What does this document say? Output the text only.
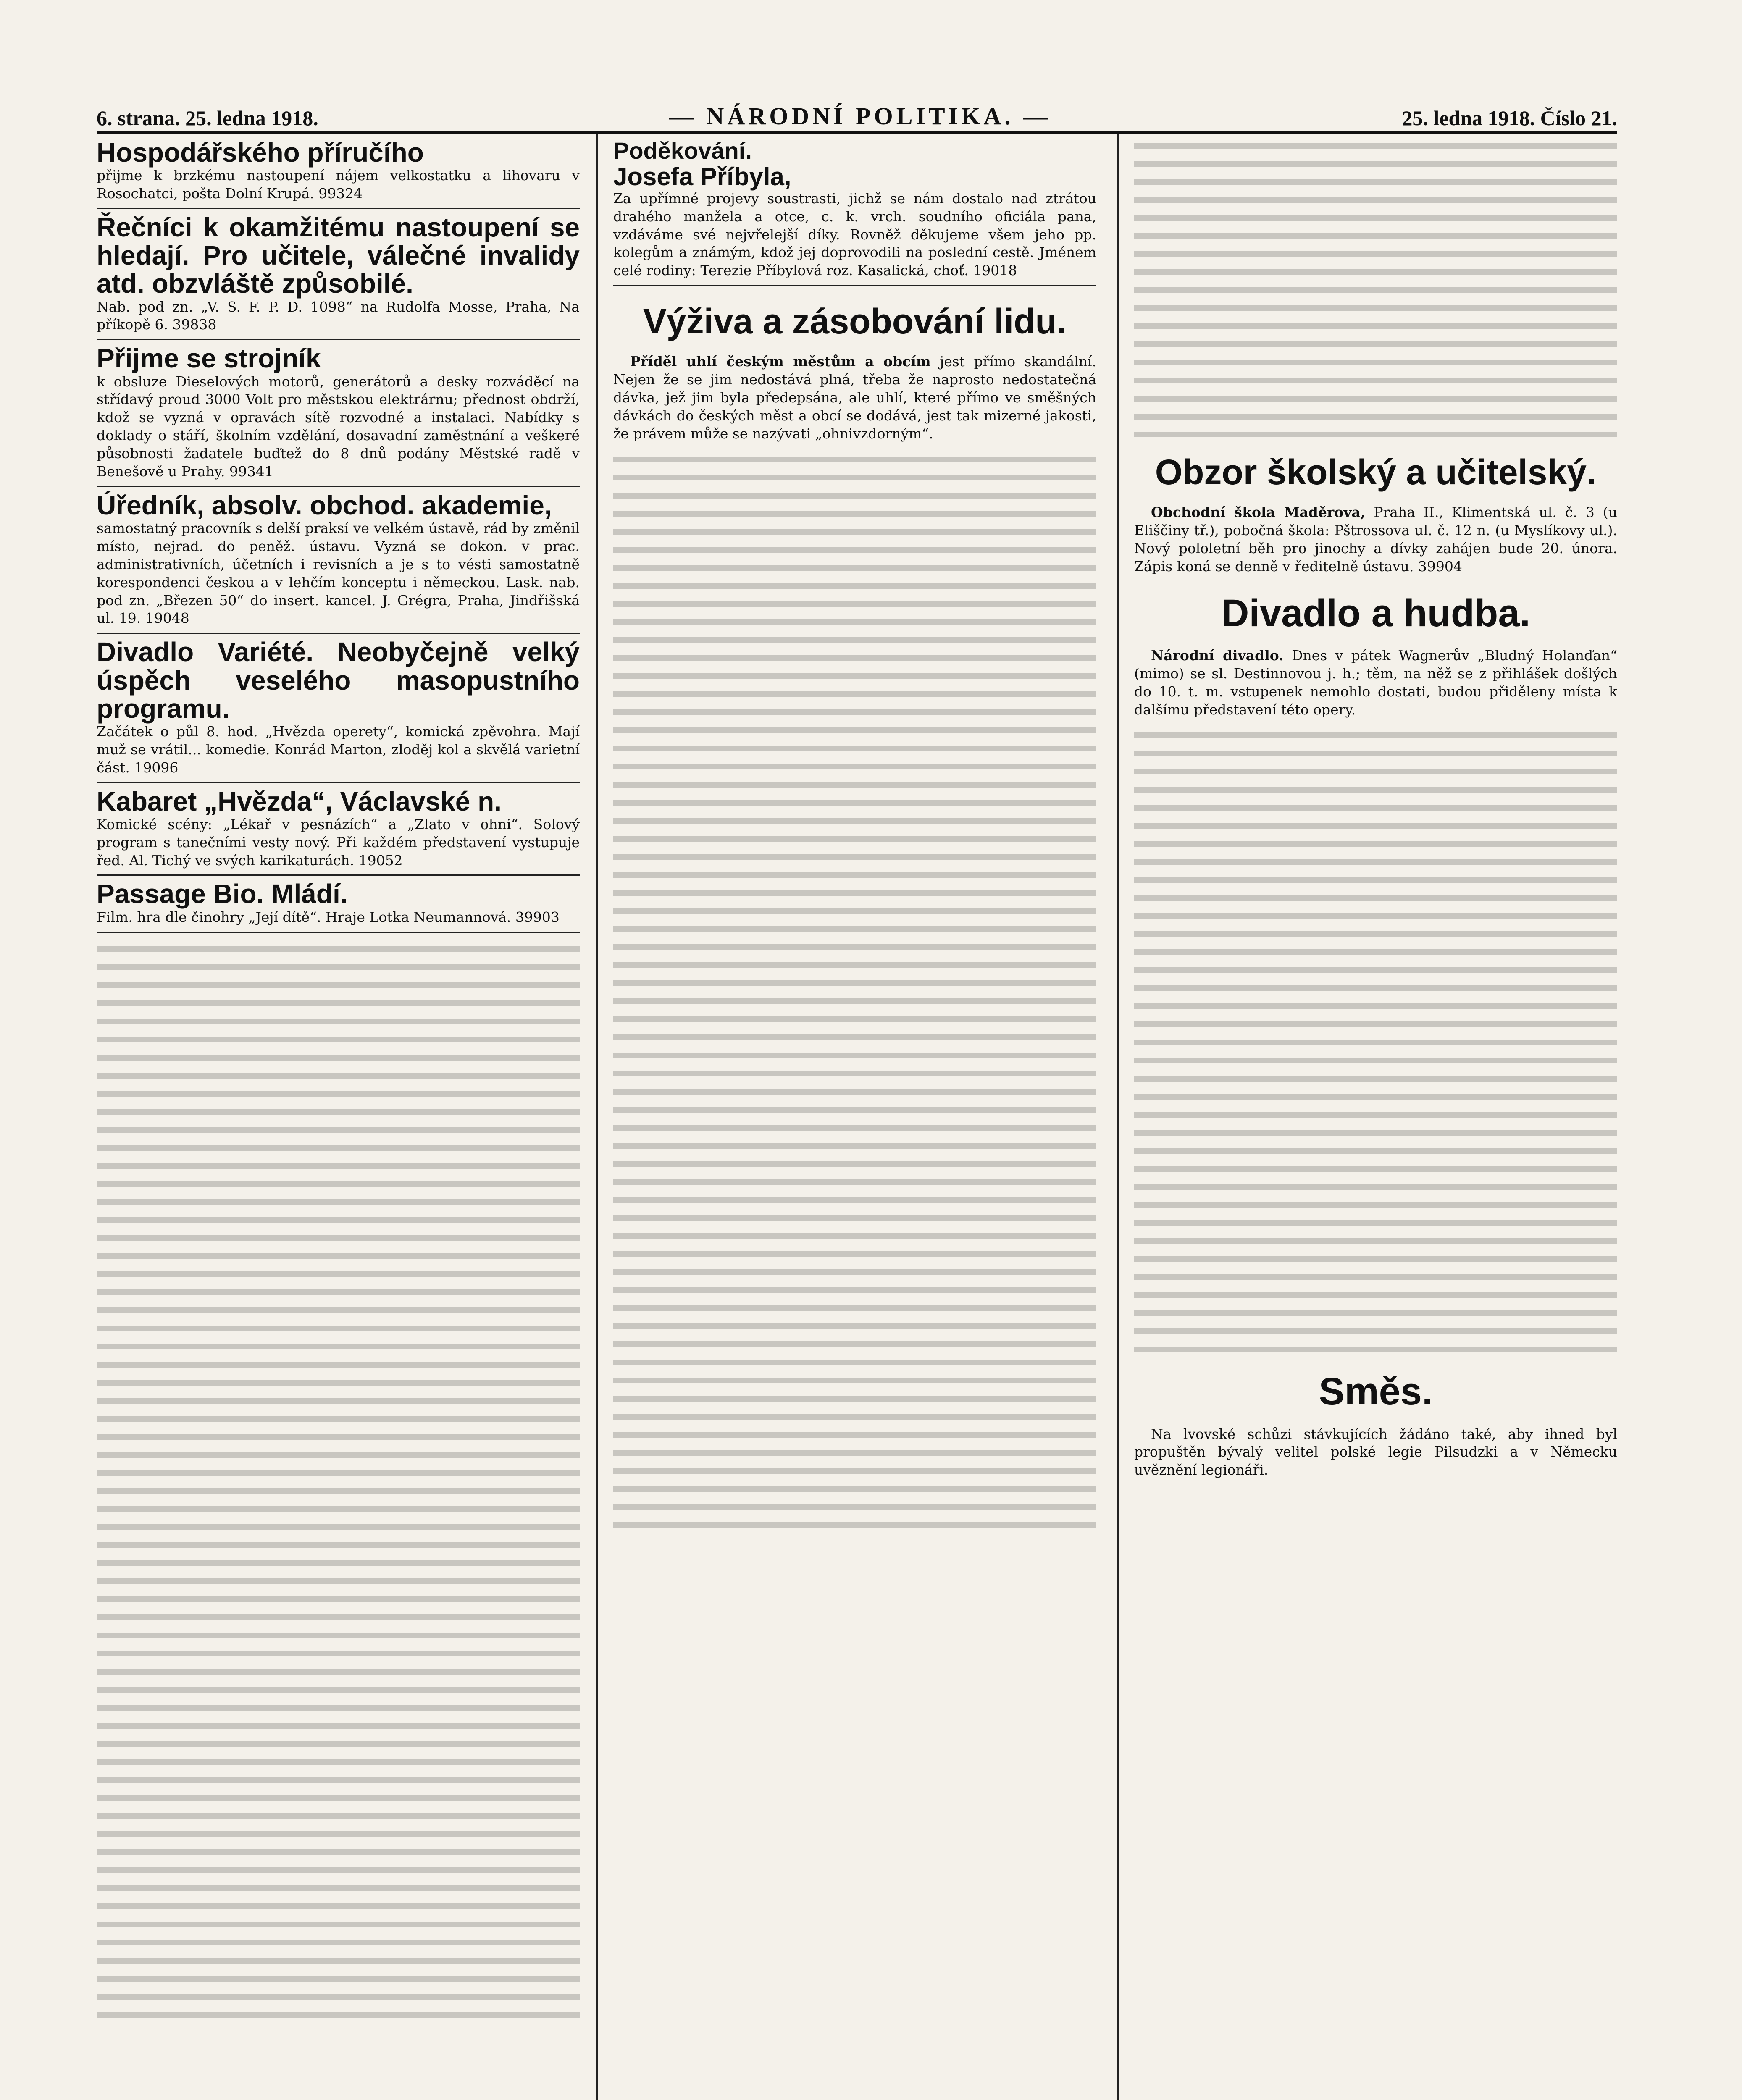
6. strana. 25. ledna 1918.	— NÁRODNÍ POLITIKA. —	25. ledna 1918. Číslo 21.
Hospodářského příručího
přijme k brzkému nastoupení nájem velkostatku a lihovaru v Rosochatci, pošta Dolní Krupá. 99324
Řečníci k okamžitému nastoupení se hledají. Pro učitele, válečné invalidy atd. obzvláště způsobilé.
Nab. pod zn. „V. S. F. P. D. 1098“ na Rudolfa Mosse, Praha, Na příkopě 6. 39838
Přijme se strojník
k obsluze Dieselových motorů, generátorů a desky rozváděcí na střídavý proud 3000 Volt pro městskou elektrárnu; přednost obdrží, kdož se vyzná v opravách sítě rozvodné a instalaci. Nabídky s doklady o stáří, školním vzdělání, dosavadní zaměstnání a veškeré působnosti žadatele buďtež do 8 dnů podány Městské radě v Benešově u Prahy. 99341
Úředník, absolv. obchod. akademie,
samostatný pracovník s delší praksí ve velkém ústavě, rád by změnil místo, nejrad. do peněž. ústavu. Vyzná se dokon. v prac. administrativních, účetních i revisních a je s to vésti samostatně korespondenci českou a v lehčím konceptu i německou. Lask. nab. pod zn. „Březen 50“ do insert. kancel. J. Grégra, Praha, Jindřišská ul. 19. 19048
Divadlo Variété. Neobyčejně velký úspěch veselého masopustního programu.
Začátek o půl 8. hod. „Hvězda operety“, komická zpěvohra. Mají muž se vrátil... komedie. Konrád Marton, zloděj kol a skvělá varietní část. 19096
Kabaret „Hvězda“, Václavské n.
Komické scény: „Lékař v pesnázích“ a „Zlato v ohni“. Solový program s tanečními vesty nový. Při každém představení vystupuje řed. Al. Tichý ve svých karikaturách. 19052
Passage Bio. Mládí.
Film. hra dle činohry „Její dítě“. Hraje Lotka Neumannová. 39903
Poděkování.
Josefa Příbyla,
Za upřímné projevy soustrasti, jichž se nám dostalo nad ztrátou drahého manžela a otce, c. k. vrch. soudního oficiála pana, vzdáváme své nejvřelejší díky. Rovněž děkujeme všem jeho pp. kolegům a známým, kdož jej doprovodili na poslední cestě. Jménem celé rodiny: Terezie Příbylová roz. Kasalická, choť. 19018
Výživa a zásobování lidu.
Příděl uhlí českým městům a obcím jest přímo skandální. Nejen že se jim nedostává plná, třeba že naprosto nedostatečná dávka, jež jim byla předepsána, ale uhlí, které přímo ve směšných dávkách do českých měst a obcí se dodává, jest tak mizerné jakosti, že právem může se nazývati „ohnivzdorným“.
Obzor školský a učitelský.
Obchodní škola Maděrova, Praha II., Klimentská ul. č. 3 (u Eliščiny tř.), pobočná škola: Pštrossova ul. č. 12 n. (u Myslíkovy ul.). Nový pololetní běh pro jinochy a dívky zahájen bude 20. února. Zápis koná se denně v ředitelně ústavu. 39904
Divadlo a hudba.
Národní divadlo. Dnes v pátek Wagnerův „Bludný Holanďan“ (mimo) se sl. Destinnovou j. h.; těm, na něž se z přihlášek došlých do 10. t. m. vstupenek nemohlo dostati, budou přiděleny místa k dalšímu představení této opery.
Směs.
Na lvovské schůzi stávkujících žádáno také, aby ihned byl propuštěn bývalý velitel polské legie Pilsudzki a v Německu uvěznění legionáři.
